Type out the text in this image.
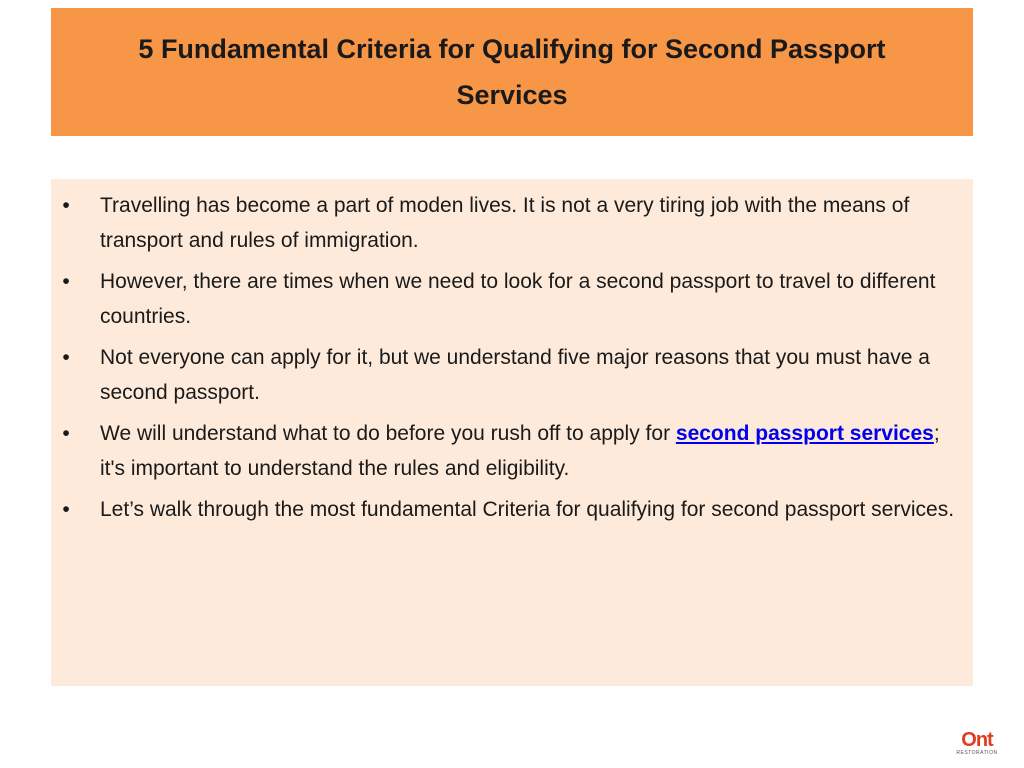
5 Fundamental Criteria for Qualifying for Second Passport Services
• Travelling has become a part of moden lives. It is not a very tiring job with the means of transport and rules of immigration.
• However, there are times when we need to look for a second passport to travel to different countries.
• Not everyone can apply for it, but we understand five major reasons that you must have a second passport.
• We will understand what to do before you rush off to apply for second passport services; it's important to understand the rules and eligibility.
• Let’s walk through the most fundamental Criteria for qualifying for second passport services.
Ont
RESTORATION
